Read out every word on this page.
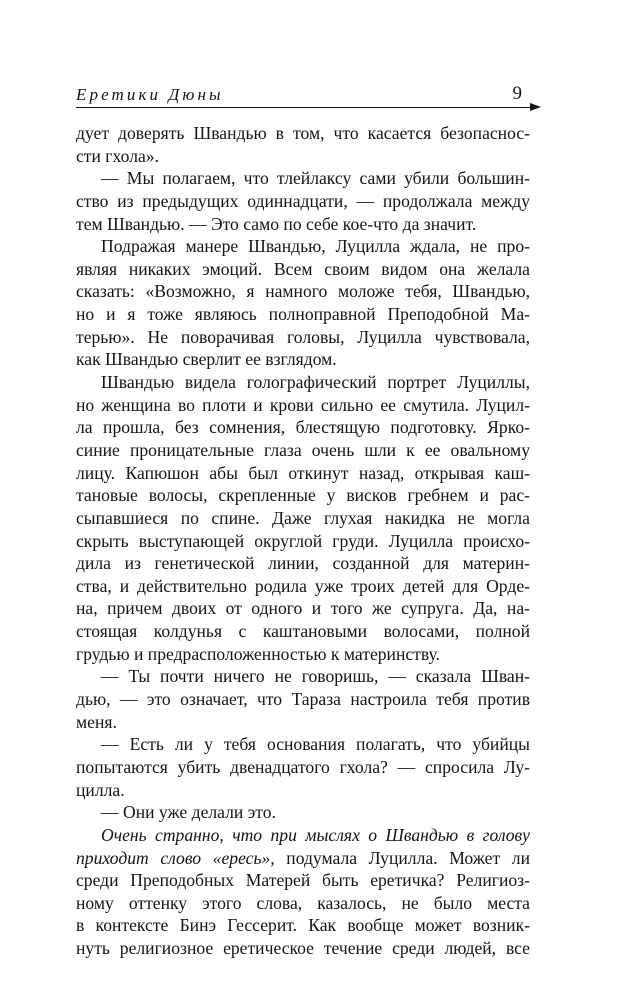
Еретики Дюны	9
дует доверять Швандью в том, что касается безопаснос-
сти гхола».
— Мы полагаем, что тлейлаксу сами убили большин-
ство из предыдущих одиннадцати, — продолжала между
тем Швандью. — Это само по себе кое-что да значит.
Подражая манере Швандью, Луцилла ждала, не про-
являя никаких эмоций. Всем своим видом она желала
сказать: «Возможно, я намного моложе тебя, Швандью,
но и я тоже являюсь полноправной Преподобной Ма-
терью». Не поворачивая головы, Луцилла чувствовала,
как Швандью сверлит ее взглядом.
Швандью видела голографический портрет Луциллы,
но женщина во плоти и крови сильно ее смутила. Луцил-
ла прошла, без сомнения, блестящую подготовку. Ярко-
синие проницательные глаза очень шли к ее овальному
лицу. Капюшон абы был откинут назад, открывая каш-
тановые волосы, скрепленные у висков гребнем и рас-
сыпавшиеся по спине. Даже глухая накидка не могла
скрыть выступающей округлой груди. Луцилла происхо-
дила из генетической линии, созданной для материн-
ства, и действительно родила уже троих детей для Орде-
на, причем двоих от одного и того же супруга. Да, на-
стоящая колдунья с каштановыми волосами, полной
грудью и предрасположенностью к материнству.
— Ты почти ничего не говоришь, — сказала Шван-
дью, — это означает, что Тараза настроила тебя против
меня.
— Есть ли у тебя основания полагать, что убийцы
попытаются убить двенадцатого гхола? — спросила Лу-
цилла.
— Они уже делали это.
Очень странно, что при мыслях о Швандью в голову
приходит слово «ересь», подумала Луцилла. Может ли
среди Преподобных Матерей быть еретичка? Религиоз-
ному оттенку этого слова, казалось, не было места
в контексте Бинэ Гессерит. Как вообще может возник-
нуть религиозное еретическое течение среди людей, все
